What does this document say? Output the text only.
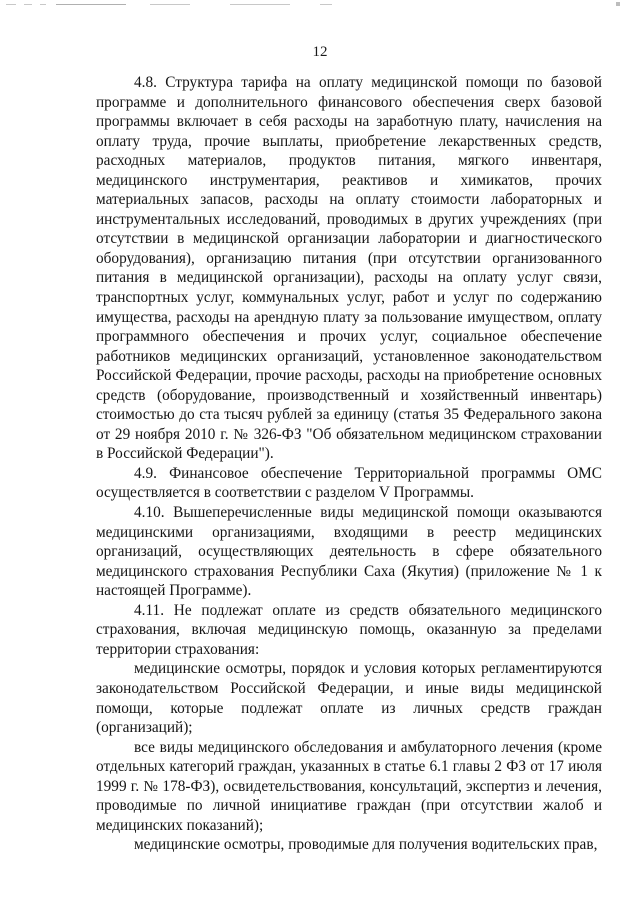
12

4.8. Структура тарифа на оплату медицинской помощи по базовой программе и дополнительного финансового обеспечения сверх базовой программы включает в себя расходы на заработную плату, начисления на оплату труда, прочие выплаты, приобретение лекарственных средств, расходных материалов, продуктов питания, мягкого инвентаря, медицинского инструментария, реактивов и химикатов, прочих материальных запасов, расходы на оплату стоимости лабораторных и инструментальных исследований, проводимых в других учреждениях (при отсутствии в медицинской организации лаборатории и диагностического оборудования), организацию питания (при отсутствии организованного питания в медицинской организации), расходы на оплату услуг связи, транспортных услуг, коммунальных услуг, работ и услуг по содержанию имущества, расходы на арендную плату за пользование имуществом, оплату программного обеспечения и прочих услуг, социальное обеспечение работников медицинских организаций, установленное законодательством Российской Федерации, прочие расходы, расходы на приобретение основных средств (оборудование, производственный и хозяйственный инвентарь) стоимостью до ста тысяч рублей за единицу (статья 35 Федерального закона от 29 ноября 2010 г. № 326-ФЗ "Об обязательном медицинском страховании в Российской Федерации").

4.9. Финансовое обеспечение Территориальной программы ОМС осуществляется в соответствии с разделом V Программы.

4.10. Вышеперечисленные виды медицинской помощи оказываются медицинскими организациями, входящими в реестр медицинских организаций, осуществляющих деятельность в сфере обязательного медицинского страхования Республики Саха (Якутия) (приложение № 1 к настоящей Программе).

4.11. Не подлежат оплате из средств обязательного медицинского страхования, включая медицинскую помощь, оказанную за пределами территории страхования:

медицинские осмотры, порядок и условия которых регламентируются законодательством Российской Федерации, и иные виды медицинской помощи, которые подлежат оплате из личных средств граждан (организаций);

все виды медицинского обследования и амбулаторного лечения (кроме отдельных категорий граждан, указанных в статье 6.1 главы 2 ФЗ от 17 июля 1999 г. № 178-ФЗ), освидетельствования, консультаций, экспертиз и лечения, проводимые по личной инициативе граждан (при отсутствии жалоб и медицинских показаний);

медицинские осмотры, проводимые для получения водительских прав,
